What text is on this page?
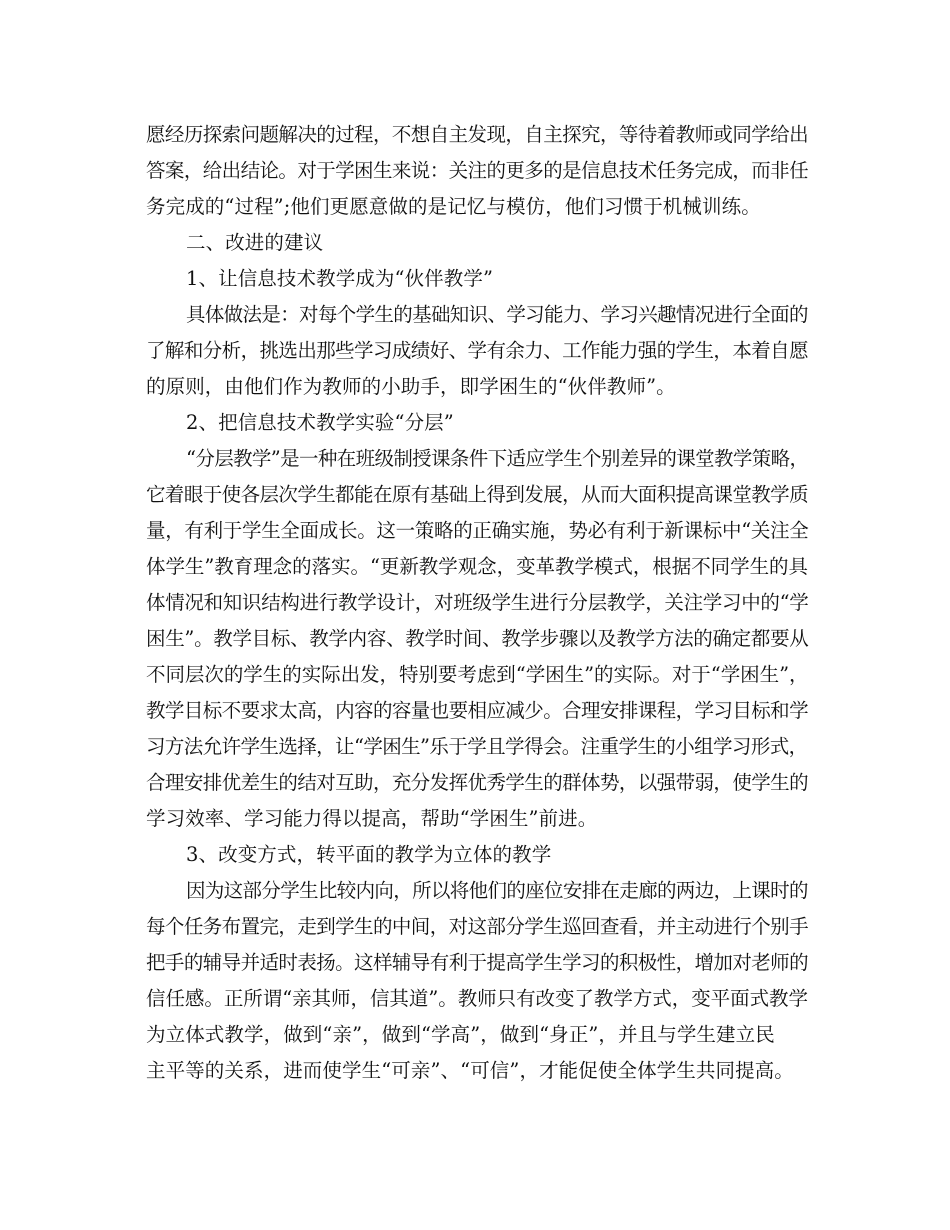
愿经历探索问题解决的过程，不想自主发现，自主探究，等待着教师或同学给出
答案，给出结论。对于学困生来说：关注的更多的是信息技术任务完成，而非任
务完成的“过程”;他们更愿意做的是记忆与模仿，他们习惯于机械训练。
二、改进的建议
1、让信息技术教学成为“伙伴教学”
具体做法是：对每个学生的基础知识、学习能力、学习兴趣情况进行全面的
了解和分析，挑选出那些学习成绩好、学有余力、工作能力强的学生，本着自愿
的原则，由他们作为教师的小助手，即学困生的“伙伴教师”。
2、把信息技术教学实验“分层”
“分层教学”是一种在班级制授课条件下适应学生个别差异的课堂教学策略，
它着眼于使各层次学生都能在原有基础上得到发展，从而大面积提高课堂教学质
量，有利于学生全面成长。这一策略的正确实施，势必有利于新课标中“关注全
体学生”教育理念的落实。“更新教学观念，变革教学模式，根据不同学生的具
体情况和知识结构进行教学设计，对班级学生进行分层教学，关注学习中的“学
困生”。教学目标、教学内容、教学时间、教学步骤以及教学方法的确定都要从
不同层次的学生的实际出发，特别要考虑到“学困生”的实际。对于“学困生”，
教学目标不要求太高，内容的容量也要相应减少。合理安排课程，学习目标和学
习方法允许学生选择，让“学困生”乐于学且学得会。注重学生的小组学习形式，
合理安排优差生的结对互助，充分发挥优秀学生的群体势，以强带弱，使学生的
学习效率、学习能力得以提高，帮助“学困生”前进。
3、改变方式，转平面的教学为立体的教学
因为这部分学生比较内向，所以将他们的座位安排在走廊的两边，上课时的
每个任务布置完，走到学生的中间，对这部分学生巡回查看，并主动进行个别手
把手的辅导并适时表扬。这样辅导有利于提高学生学习的积极性，增加对老师的
信任感。正所谓“亲其师，信其道”。教师只有改变了教学方式，变平面式教学
为立体式教学，做到“亲”，做到“学高”，做到“身正”，并且与学生建立民
主平等的关系，进而使学生“可亲”、“可信”，才能促使全体学生共同提高。
